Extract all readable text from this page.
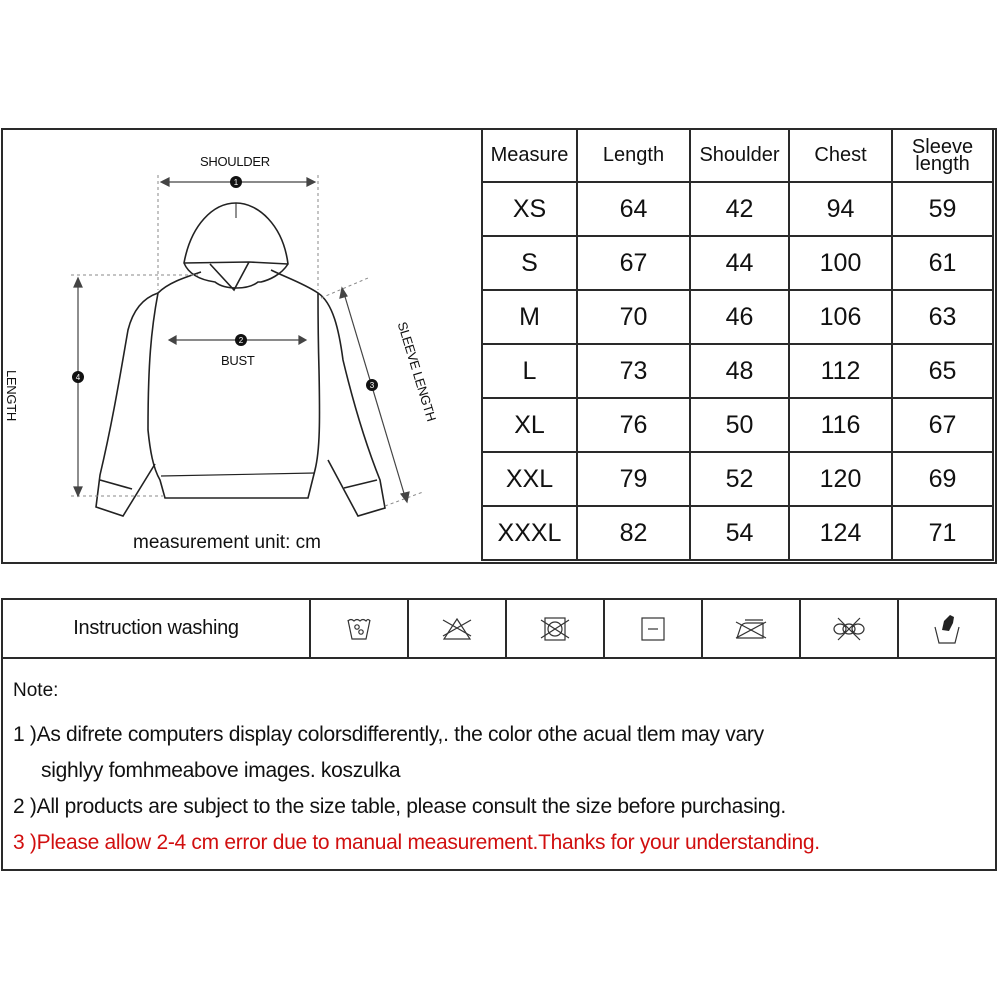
1
2
3
4
SHOULDER
BUST
LENGTH	SLEEVE LENGTH
measurement unit: cm
Measure	Length	Shoulder	Chest	Sleeve
length
XS	64	42	94	59
S	67	44	100	61
M	70	46	106	63
L	73	48	112	65
XL	76	50	116	67
XXL	79	52	120	69
XXXL	82	54	124	71
Instruction washing
Note:
1 )As difrete computers display colorsdifferently,. the color othe acual tlem may vary
sighlyy fomhmeabove images. koszulka
2 )All products are subject to the size table, please consult the size before purchasing.
3 )Please allow 2-4 cm error due to manual measurement.Thanks for your understanding.
